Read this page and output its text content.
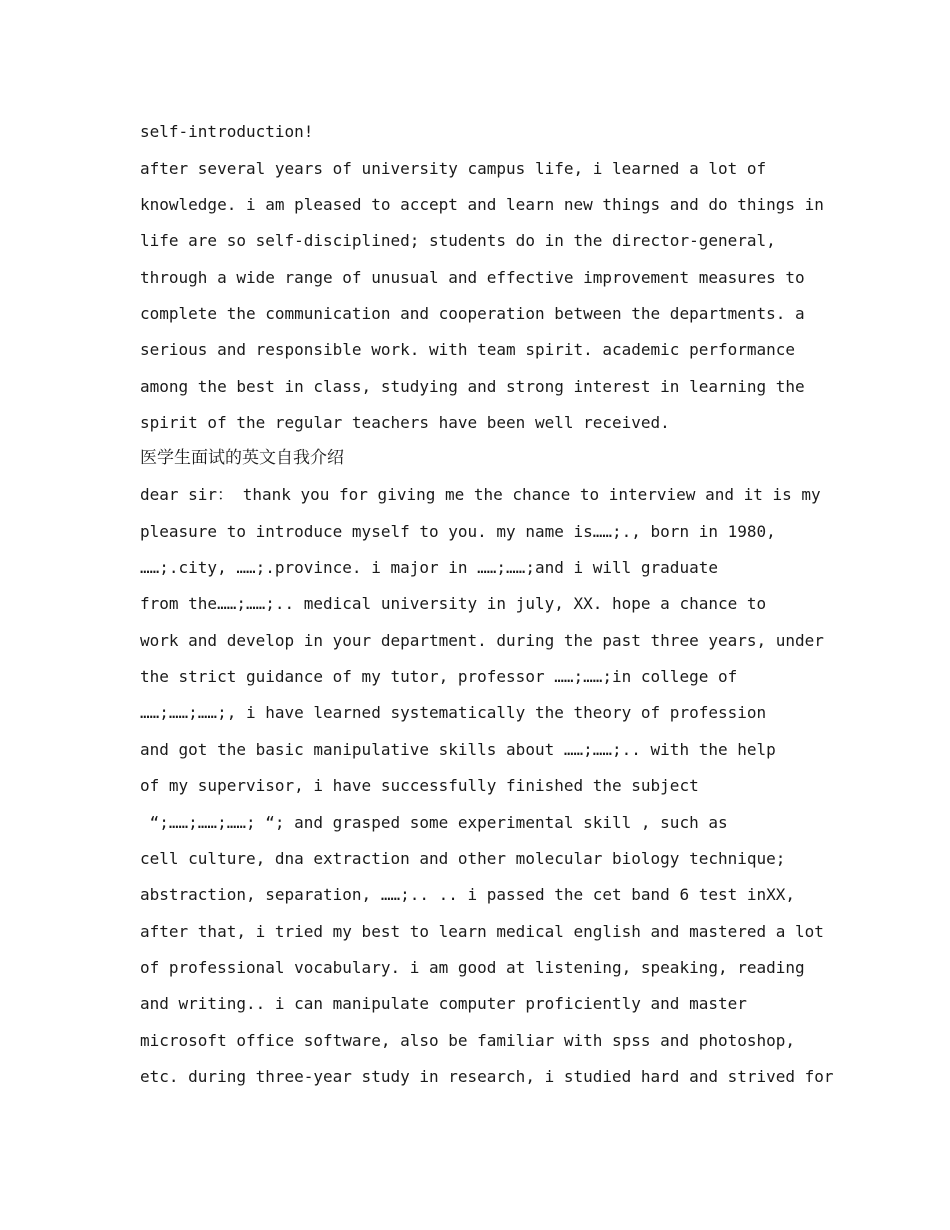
self-introduction!
after several years of university campus life, i learned a lot of
knowledge. i am pleased to accept and learn new things and do things in
life are so self-disciplined; students do in the director-general,
through a wide range of unusual and effective improvement measures to
complete the communication and cooperation between the departments. a
serious and responsible work. with team spirit. academic performance
among the best in class, studying and strong interest in learning the
spirit of the regular teachers have been well received.
医学生面试的英文自我介绍
dear sir： thank you for giving me the chance to interview and it is my
pleasure to introduce myself to you. my name is……;., born in 1980,
……;.city, ……;.province. i major in ……;……;and i will graduate
from the……;……;.. medical university in july, XX. hope a chance to
work and develop in your department. during the past three years, under
the strict guidance of my tutor, professor ……;……;in college of
……;……;……;, i have learned systematically the theory of profession
and got the basic manipulative skills about ……;……;.. with the help
of my supervisor, i have successfully finished the subject
“;……;……;……; “; and grasped some experimental skill , such as
cell culture, dna extraction and other molecular biology technique;
abstraction, separation, ……;.. .. i passed the cet band 6 test inXX,
after that, i tried my best to learn medical english and mastered a lot
of professional vocabulary. i am good at listening, speaking, reading
and writing.. i can manipulate computer proficiently and master
microsoft office software, also be familiar with spss and photoshop,
etc. during three-year study in research, i studied hard and strived for
